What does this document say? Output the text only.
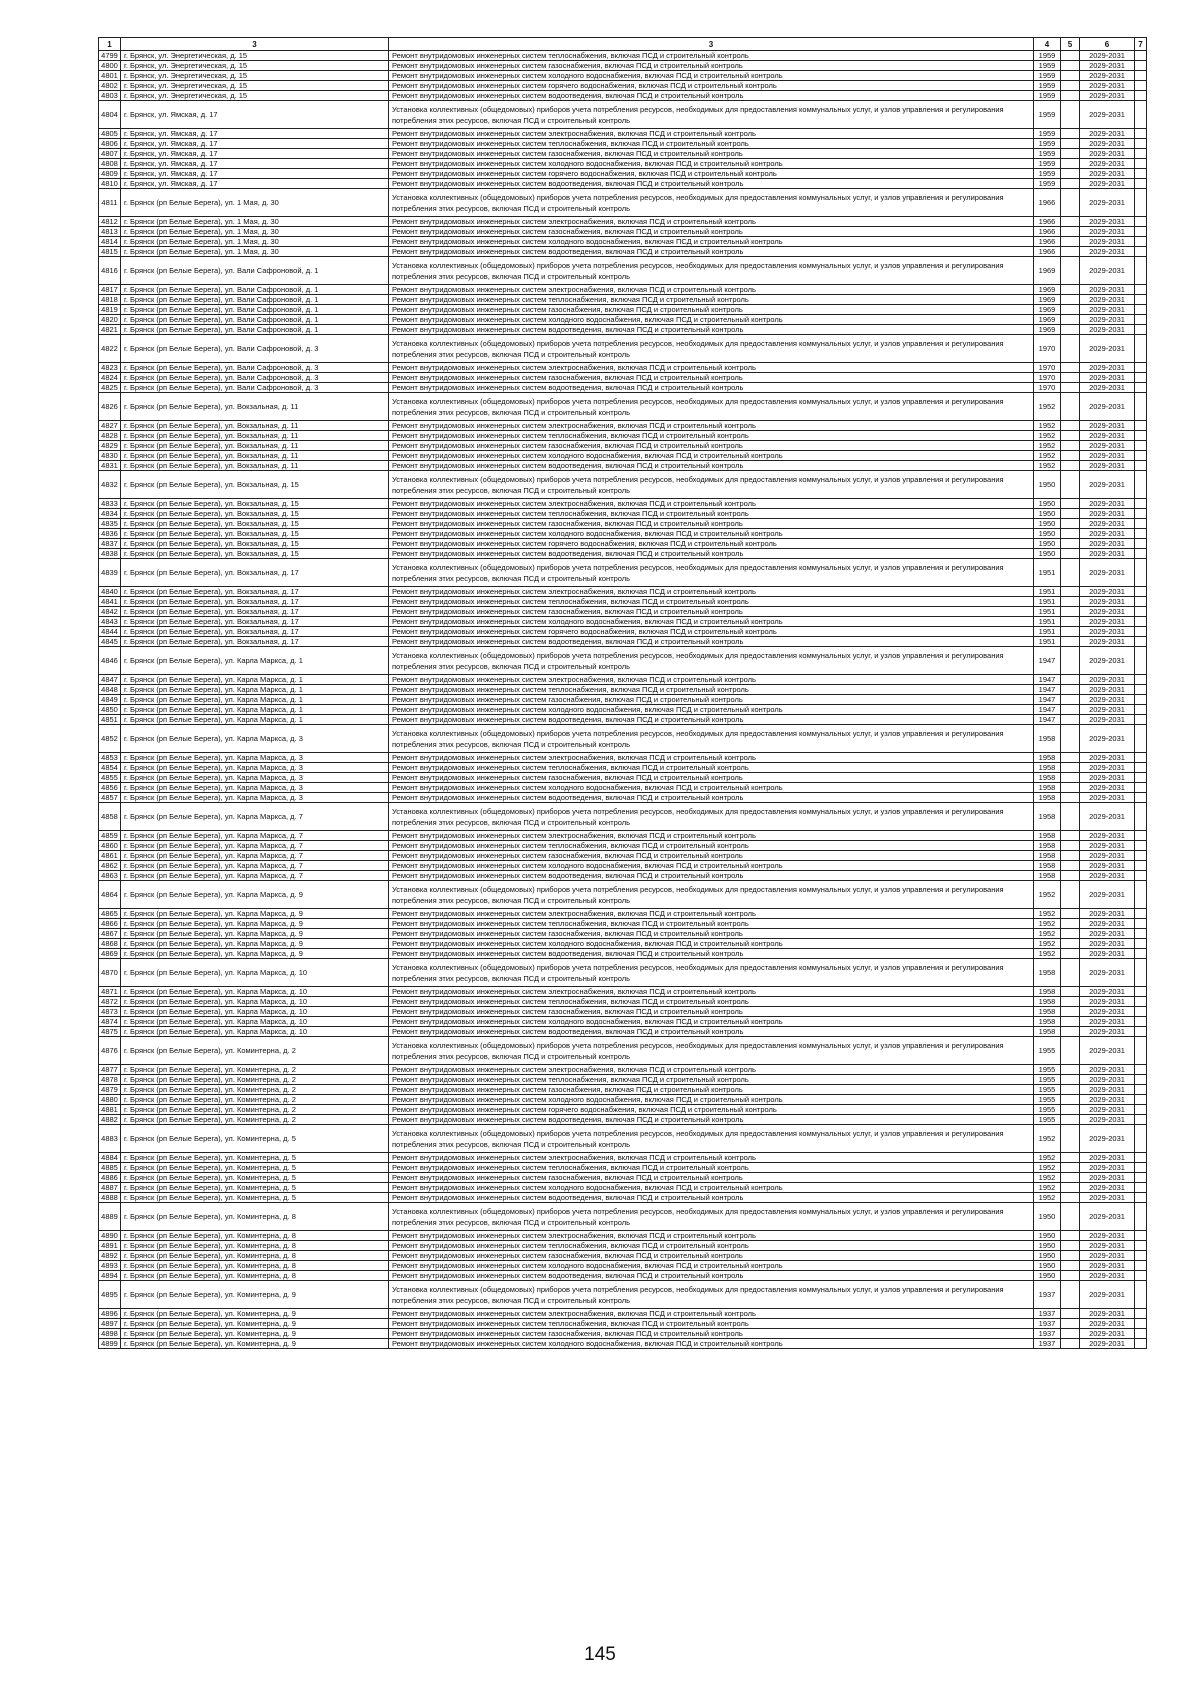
1	3	3	4	5	6	7
4799	г. Брянск, ул. Энергетическая, д. 15	Ремонт внутридомовых инженерных систем теплоснабжения, включая ПСД и строительный контроль	1959		2029-2031	
4800	г. Брянск, ул. Энергетическая, д. 15	Ремонт внутридомовых инженерных систем газоснабжения, включая ПСД и строительный контроль	1959		2029-2031	
4801	г. Брянск, ул. Энергетическая, д. 15	Ремонт внутридомовых инженерных систем холодного водоснабжения, включая ПСД и строительный контроль	1959		2029-2031	
4802	г. Брянск, ул. Энергетическая, д. 15	Ремонт внутридомовых инженерных систем горячего водоснабжения, включая ПСД и строительный контроль	1959		2029-2031	
4803	г. Брянск, ул. Энергетическая, д. 15	Ремонт внутридомовых инженерных систем водоотведения, включая ПСД и строительный контроль	1959		2029-2031	
4804	г. Брянск, ул. Ямская, д. 17	Установка коллективных (общедомовых) приборов учета потребления ресурсов, необходимых для предоставления коммунальных услуг, и узлов управления и регулирования потребления этих ресурсов, включая ПСД и строительный контроль	1959		2029-2031	
4805	г. Брянск, ул. Ямская, д. 17	Ремонт внутридомовых инженерных систем электроснабжения, включая ПСД и строительный контроль	1959		2029-2031	
4806	г. Брянск, ул. Ямская, д. 17	Ремонт внутридомовых инженерных систем теплоснабжения, включая ПСД и строительный контроль	1959		2029-2031	
4807	г. Брянск, ул. Ямская, д. 17	Ремонт внутридомовых инженерных систем газоснабжения, включая ПСД и строительный контроль	1959		2029-2031	
4808	г. Брянск, ул. Ямская, д. 17	Ремонт внутридомовых инженерных систем холодного водоснабжения, включая ПСД и строительный контроль	1959		2029-2031	
4809	г. Брянск, ул. Ямская, д. 17	Ремонт внутридомовых инженерных систем горячего водоснабжения, включая ПСД и строительный контроль	1959		2029-2031	
4810	г. Брянск, ул. Ямская, д. 17	Ремонт внутридомовых инженерных систем водоотведения, включая ПСД и строительный контроль	1959		2029-2031	
4811	г. Брянск (рп Белые Берега), ул. 1 Мая, д. 30	Установка коллективных (общедомовых) приборов учета потребления ресурсов, необходимых для предоставления коммунальных услуг, и узлов управления и регулирования потребления этих ресурсов, включая ПСД и строительный контроль	1966		2029-2031	
4812	г. Брянск (рп Белые Берега), ул. 1 Мая, д. 30	Ремонт внутридомовых инженерных систем электроснабжения, включая ПСД и строительный контроль	1966		2029-2031	
4813	г. Брянск (рп Белые Берега), ул. 1 Мая, д. 30	Ремонт внутридомовых инженерных систем газоснабжения, включая ПСД и строительный контроль	1966		2029-2031	
4814	г. Брянск (рп Белые Берега), ул. 1 Мая, д. 30	Ремонт внутридомовых инженерных систем холодного водоснабжения, включая ПСД и строительный контроль	1966		2029-2031	
4815	г. Брянск (рп Белые Берега), ул. 1 Мая, д. 30	Ремонт внутридомовых инженерных систем водоотведения, включая ПСД и строительный контроль	1966		2029-2031	
4816	г. Брянск (рп Белые Берега), ул. Вали Сафроновой, д. 1	Установка коллективных (общедомовых) приборов учета потребления ресурсов, необходимых для предоставления коммунальных услуг, и узлов управления и регулирования потребления этих ресурсов, включая ПСД и строительный контроль	1969		2029-2031	
4817	г. Брянск (рп Белые Берега), ул. Вали Сафроновой, д. 1	Ремонт внутридомовых инженерных систем электроснабжения, включая ПСД и строительный контроль	1969		2029-2031	
4818	г. Брянск (рп Белые Берега), ул. Вали Сафроновой, д. 1	Ремонт внутридомовых инженерных систем теплоснабжения, включая ПСД и строительный контроль	1969		2029-2031	
4819	г. Брянск (рп Белые Берега), ул. Вали Сафроновой, д. 1	Ремонт внутридомовых инженерных систем газоснабжения, включая ПСД и строительный контроль	1969		2029-2031	
4820	г. Брянск (рп Белые Берега), ул. Вали Сафроновой, д. 1	Ремонт внутридомовых инженерных систем холодного водоснабжения, включая ПСД и строительный контроль	1969		2029-2031	
4821	г. Брянск (рп Белые Берега), ул. Вали Сафроновой, д. 1	Ремонт внутридомовых инженерных систем водоотведения, включая ПСД и строительный контроль	1969		2029-2031	
4822	г. Брянск (рп Белые Берега), ул. Вали Сафроновой, д. 3	Установка коллективных (общедомовых) приборов учета потребления ресурсов, необходимых для предоставления коммунальных услуг, и узлов управления и регулирования потребления этих ресурсов, включая ПСД и строительный контроль	1970		2029-2031	
4823	г. Брянск (рп Белые Берега), ул. Вали Сафроновой, д. 3	Ремонт внутридомовых инженерных систем электроснабжения, включая ПСД и строительный контроль	1970		2029-2031	
4824	г. Брянск (рп Белые Берега), ул. Вали Сафроновой, д. 3	Ремонт внутридомовых инженерных систем газоснабжения, включая ПСД и строительный контроль	1970		2029-2031	
4825	г. Брянск (рп Белые Берега), ул. Вали Сафроновой, д. 3	Ремонт внутридомовых инженерных систем водоотведения, включая ПСД и строительный контроль	1970		2029-2031	
4826	г. Брянск (рп Белые Берега), ул. Вокзальная, д. 11	Установка коллективных (общедомовых) приборов учета потребления ресурсов, необходимых для предоставления коммунальных услуг, и узлов управления и регулирования потребления этих ресурсов, включая ПСД и строительный контроль	1952		2029-2031	
4827	г. Брянск (рп Белые Берега), ул. Вокзальная, д. 11	Ремонт внутридомовых инженерных систем электроснабжения, включая ПСД и строительный контроль	1952		2029-2031	
4828	г. Брянск (рп Белые Берега), ул. Вокзальная, д. 11	Ремонт внутридомовых инженерных систем теплоснабжения, включая ПСД и строительный контроль	1952		2029-2031	
4829	г. Брянск (рп Белые Берега), ул. Вокзальная, д. 11	Ремонт внутридомовых инженерных систем газоснабжения, включая ПСД и строительный контроль	1952		2029-2031	
4830	г. Брянск (рп Белые Берега), ул. Вокзальная, д. 11	Ремонт внутридомовых инженерных систем холодного водоснабжения, включая ПСД и строительный контроль	1952		2029-2031	
4831	г. Брянск (рп Белые Берега), ул. Вокзальная, д. 11	Ремонт внутридомовых инженерных систем водоотведения, включая ПСД и строительный контроль	1952		2029-2031	
4832	г. Брянск (рп Белые Берега), ул. Вокзальная, д. 15	Установка коллективных (общедомовых) приборов учета потребления ресурсов, необходимых для предоставления коммунальных услуг, и узлов управления и регулирования потребления этих ресурсов, включая ПСД и строительный контроль	1950		2029-2031	
4833	г. Брянск (рп Белые Берега), ул. Вокзальная, д. 15	Ремонт внутридомовых инженерных систем электроснабжения, включая ПСД и строительный контроль	1950		2029-2031	
4834	г. Брянск (рп Белые Берега), ул. Вокзальная, д. 15	Ремонт внутридомовых инженерных систем теплоснабжения, включая ПСД и строительный контроль	1950		2029-2031	
4835	г. Брянск (рп Белые Берега), ул. Вокзальная, д. 15	Ремонт внутридомовых инженерных систем газоснабжения, включая ПСД и строительный контроль	1950		2029-2031	
4836	г. Брянск (рп Белые Берега), ул. Вокзальная, д. 15	Ремонт внутридомовых инженерных систем холодного водоснабжения, включая ПСД и строительный контроль	1950		2029-2031	
4837	г. Брянск (рп Белые Берега), ул. Вокзальная, д. 15	Ремонт внутридомовых инженерных систем горячего водоснабжения, включая ПСД и строительный контроль	1950		2029-2031	
4838	г. Брянск (рп Белые Берега), ул. Вокзальная, д. 15	Ремонт внутридомовых инженерных систем водоотведения, включая ПСД и строительный контроль	1950		2029-2031	
4839	г. Брянск (рп Белые Берега), ул. Вокзальная, д. 17	Установка коллективных (общедомовых) приборов учета потребления ресурсов, необходимых для предоставления коммунальных услуг, и узлов управления и регулирования потребления этих ресурсов, включая ПСД и строительный контроль	1951		2029-2031	
4840	г. Брянск (рп Белые Берега), ул. Вокзальная, д. 17	Ремонт внутридомовых инженерных систем электроснабжения, включая ПСД и строительный контроль	1951		2029-2031	
4841	г. Брянск (рп Белые Берега), ул. Вокзальная, д. 17	Ремонт внутридомовых инженерных систем теплоснабжения, включая ПСД и строительный контроль	1951		2029-2031	
4842	г. Брянск (рп Белые Берега), ул. Вокзальная, д. 17	Ремонт внутридомовых инженерных систем газоснабжения, включая ПСД и строительный контроль	1951		2029-2031	
4843	г. Брянск (рп Белые Берега), ул. Вокзальная, д. 17	Ремонт внутридомовых инженерных систем холодного водоснабжения, включая ПСД и строительный контроль	1951		2029-2031	
4844	г. Брянск (рп Белые Берега), ул. Вокзальная, д. 17	Ремонт внутридомовых инженерных систем горячего водоснабжения, включая ПСД и строительный контроль	1951		2029-2031	
4845	г. Брянск (рп Белые Берега), ул. Вокзальная, д. 17	Ремонт внутридомовых инженерных систем водоотведения, включая ПСД и строительный контроль	1951		2029-2031	
4846	г. Брянск (рп Белые Берега), ул. Карла Маркса, д. 1	Установка коллективных (общедомовых) приборов учета потребления ресурсов, необходимых для предоставления коммунальных услуг, и узлов управления и регулирования потребления этих ресурсов, включая ПСД и строительный контроль	1947		2029-2031	
4847	г. Брянск (рп Белые Берега), ул. Карла Маркса, д. 1	Ремонт внутридомовых инженерных систем электроснабжения, включая ПСД и строительный контроль	1947		2029-2031	
4848	г. Брянск (рп Белые Берега), ул. Карла Маркса, д. 1	Ремонт внутридомовых инженерных систем теплоснабжения, включая ПСД и строительный контроль	1947		2029-2031	
4849	г. Брянск (рп Белые Берега), ул. Карла Маркса, д. 1	Ремонт внутридомовых инженерных систем газоснабжения, включая ПСД и строительный контроль	1947		2029-2031	
4850	г. Брянск (рп Белые Берега), ул. Карла Маркса, д. 1	Ремонт внутридомовых инженерных систем холодного водоснабжения, включая ПСД и строительный контроль	1947		2029-2031	
4851	г. Брянск (рп Белые Берега), ул. Карла Маркса, д. 1	Ремонт внутридомовых инженерных систем водоотведения, включая ПСД и строительный контроль	1947		2029-2031	
4852	г. Брянск (рп Белые Берега), ул. Карла Маркса, д. 3	Установка коллективных (общедомовых) приборов учета потребления ресурсов, необходимых для предоставления коммунальных услуг, и узлов управления и регулирования потребления этих ресурсов, включая ПСД и строительный контроль	1958		2029-2031	
4853	г. Брянск (рп Белые Берега), ул. Карла Маркса, д. 3	Ремонт внутридомовых инженерных систем электроснабжения, включая ПСД и строительный контроль	1958		2029-2031	
4854	г. Брянск (рп Белые Берега), ул. Карла Маркса, д. 3	Ремонт внутридомовых инженерных систем теплоснабжения, включая ПСД и строительный контроль	1958		2029-2031	
4855	г. Брянск (рп Белые Берега), ул. Карла Маркса, д. 3	Ремонт внутридомовых инженерных систем газоснабжения, включая ПСД и строительный контроль	1958		2029-2031	
4856	г. Брянск (рп Белые Берега), ул. Карла Маркса, д. 3	Ремонт внутридомовых инженерных систем холодного водоснабжения, включая ПСД и строительный контроль	1958		2029-2031	
4857	г. Брянск (рп Белые Берега), ул. Карла Маркса, д. 3	Ремонт внутридомовых инженерных систем водоотведения, включая ПСД и строительный контроль	1958		2029-2031	
4858	г. Брянск (рп Белые Берега), ул. Карла Маркса, д. 7	Установка коллективных (общедомовых) приборов учета потребления ресурсов, необходимых для предоставления коммунальных услуг, и узлов управления и регулирования потребления этих ресурсов, включая ПСД и строительный контроль	1958		2029-2031	
4859	г. Брянск (рп Белые Берега), ул. Карла Маркса, д. 7	Ремонт внутридомовых инженерных систем электроснабжения, включая ПСД и строительный контроль	1958		2029-2031	
4860	г. Брянск (рп Белые Берега), ул. Карла Маркса, д. 7	Ремонт внутридомовых инженерных систем теплоснабжения, включая ПСД и строительный контроль	1958		2029-2031	
4861	г. Брянск (рп Белые Берега), ул. Карла Маркса, д. 7	Ремонт внутридомовых инженерных систем газоснабжения, включая ПСД и строительный контроль	1958		2029-2031	
4862	г. Брянск (рп Белые Берега), ул. Карла Маркса, д. 7	Ремонт внутридомовых инженерных систем холодного водоснабжения, включая ПСД и строительный контроль	1958		2029-2031	
4863	г. Брянск (рп Белые Берега), ул. Карла Маркса, д. 7	Ремонт внутридомовых инженерных систем водоотведения, включая ПСД и строительный контроль	1958		2029-2031	
4864	г. Брянск (рп Белые Берега), ул. Карла Маркса, д. 9	Установка коллективных (общедомовых) приборов учета потребления ресурсов, необходимых для предоставления коммунальных услуг, и узлов управления и регулирования потребления этих ресурсов, включая ПСД и строительный контроль	1952		2029-2031	
4865	г. Брянск (рп Белые Берега), ул. Карла Маркса, д. 9	Ремонт внутридомовых инженерных систем электроснабжения, включая ПСД и строительный контроль	1952		2029-2031	
4866	г. Брянск (рп Белые Берега), ул. Карла Маркса, д. 9	Ремонт внутридомовых инженерных систем теплоснабжения, включая ПСД и строительный контроль	1952		2029-2031	
4867	г. Брянск (рп Белые Берега), ул. Карла Маркса, д. 9	Ремонт внутридомовых инженерных систем газоснабжения, включая ПСД и строительный контроль	1952		2029-2031	
4868	г. Брянск (рп Белые Берега), ул. Карла Маркса, д. 9	Ремонт внутридомовых инженерных систем холодного водоснабжения, включая ПСД и строительный контроль	1952		2029-2031	
4869	г. Брянск (рп Белые Берега), ул. Карла Маркса, д. 9	Ремонт внутридомовых инженерных систем водоотведения, включая ПСД и строительный контроль	1952		2029-2031	
4870	г. Брянск (рп Белые Берега), ул. Карла Маркса, д. 10	Установка коллективных (общедомовых) приборов учета потребления ресурсов, необходимых для предоставления коммунальных услуг, и узлов управления и регулирования потребления этих ресурсов, включая ПСД и строительный контроль	1958		2029-2031	
4871	г. Брянск (рп Белые Берега), ул. Карла Маркса, д. 10	Ремонт внутридомовых инженерных систем электроснабжения, включая ПСД и строительный контроль	1958		2029-2031	
4872	г. Брянск (рп Белые Берега), ул. Карла Маркса, д. 10	Ремонт внутридомовых инженерных систем теплоснабжения, включая ПСД и строительный контроль	1958		2029-2031	
4873	г. Брянск (рп Белые Берега), ул. Карла Маркса, д. 10	Ремонт внутридомовых инженерных систем газоснабжения, включая ПСД и строительный контроль	1958		2029-2031	
4874	г. Брянск (рп Белые Берега), ул. Карла Маркса, д. 10	Ремонт внутридомовых инженерных систем холодного водоснабжения, включая ПСД и строительный контроль	1958		2029-2031	
4875	г. Брянск (рп Белые Берега), ул. Карла Маркса, д. 10	Ремонт внутридомовых инженерных систем водоотведения, включая ПСД и строительный контроль	1958		2029-2031	
4876	г. Брянск (рп Белые Берега), ул. Коминтерна, д. 2	Установка коллективных (общедомовых) приборов учета потребления ресурсов, необходимых для предоставления коммунальных услуг, и узлов управления и регулирования потребления этих ресурсов, включая ПСД и строительный контроль	1955		2029-2031	
4877	г. Брянск (рп Белые Берега), ул. Коминтерна, д. 2	Ремонт внутридомовых инженерных систем электроснабжения, включая ПСД и строительный контроль	1955		2029-2031	
4878	г. Брянск (рп Белые Берега), ул. Коминтерна, д. 2	Ремонт внутридомовых инженерных систем теплоснабжения, включая ПСД и строительный контроль	1955		2029-2031	
4879	г. Брянск (рп Белые Берега), ул. Коминтерна, д. 2	Ремонт внутридомовых инженерных систем газоснабжения, включая ПСД и строительный контроль	1955		2029-2031	
4880	г. Брянск (рп Белые Берега), ул. Коминтерна, д. 2	Ремонт внутридомовых инженерных систем холодного водоснабжения, включая ПСД и строительный контроль	1955		2029-2031	
4881	г. Брянск (рп Белые Берега), ул. Коминтерна, д. 2	Ремонт внутридомовых инженерных систем горячего водоснабжения, включая ПСД и строительный контроль	1955		2029-2031	
4882	г. Брянск (рп Белые Берега), ул. Коминтерна, д. 2	Ремонт внутридомовых инженерных систем водоотведения, включая ПСД и строительный контроль	1955		2029-2031	
4883	г. Брянск (рп Белые Берега), ул. Коминтерна, д. 5	Установка коллективных (общедомовых) приборов учета потребления ресурсов, необходимых для предоставления коммунальных услуг, и узлов управления и регулирования потребления этих ресурсов, включая ПСД и строительный контроль	1952		2029-2031	
4884	г. Брянск (рп Белые Берега), ул. Коминтерна, д. 5	Ремонт внутридомовых инженерных систем электроснабжения, включая ПСД и строительный контроль	1952		2029-2031	
4885	г. Брянск (рп Белые Берега), ул. Коминтерна, д. 5	Ремонт внутридомовых инженерных систем теплоснабжения, включая ПСД и строительный контроль	1952		2029-2031	
4886	г. Брянск (рп Белые Берега), ул. Коминтерна, д. 5	Ремонт внутридомовых инженерных систем газоснабжения, включая ПСД и строительный контроль	1952		2029-2031	
4887	г. Брянск (рп Белые Берега), ул. Коминтерна, д. 5	Ремонт внутридомовых инженерных систем холодного водоснабжения, включая ПСД и строительный контроль	1952		2029-2031	
4888	г. Брянск (рп Белые Берега), ул. Коминтерна, д. 5	Ремонт внутридомовых инженерных систем водоотведения, включая ПСД и строительный контроль	1952		2029-2031	
4889	г. Брянск (рп Белые Берега), ул. Коминтерна, д. 8	Установка коллективных (общедомовых) приборов учета потребления ресурсов, необходимых для предоставления коммунальных услуг, и узлов управления и регулирования потребления этих ресурсов, включая ПСД и строительный контроль	1950		2029-2031	
4890	г. Брянск (рп Белые Берега), ул. Коминтерна, д. 8	Ремонт внутридомовых инженерных систем электроснабжения, включая ПСД и строительный контроль	1950		2029-2031	
4891	г. Брянск (рп Белые Берега), ул. Коминтерна, д. 8	Ремонт внутридомовых инженерных систем теплоснабжения, включая ПСД и строительный контроль	1950		2029-2031	
4892	г. Брянск (рп Белые Берега), ул. Коминтерна, д. 8	Ремонт внутридомовых инженерных систем газоснабжения, включая ПСД и строительный контроль	1950		2029-2031	
4893	г. Брянск (рп Белые Берега), ул. Коминтерна, д. 8	Ремонт внутридомовых инженерных систем холодного водоснабжения, включая ПСД и строительный контроль	1950		2029-2031	
4894	г. Брянск (рп Белые Берега), ул. Коминтерна, д. 8	Ремонт внутридомовых инженерных систем водоотведения, включая ПСД и строительный контроль	1950		2029-2031	
4895	г. Брянск (рп Белые Берега), ул. Коминтерна, д. 9	Установка коллективных (общедомовых) приборов учета потребления ресурсов, необходимых для предоставления коммунальных услуг, и узлов управления и регулирования потребления этих ресурсов, включая ПСД и строительный контроль	1937		2029-2031	
4896	г. Брянск (рп Белые Берега), ул. Коминтерна, д. 9	Ремонт внутридомовых инженерных систем электроснабжения, включая ПСД и строительный контроль	1937		2029-2031	
4897	г. Брянск (рп Белые Берега), ул. Коминтерна, д. 9	Ремонт внутридомовых инженерных систем теплоснабжения, включая ПСД и строительный контроль	1937		2029-2031	
4898	г. Брянск (рп Белые Берега), ул. Коминтерна, д. 9	Ремонт внутридомовых инженерных систем газоснабжения, включая ПСД и строительный контроль	1937		2029-2031	
4899	г. Брянск (рп Белые Берега), ул. Коминтерна, д. 9	Ремонт внутридомовых инженерных систем холодного водоснабжения, включая ПСД и строительный контроль	1937		2029-2031	
145
